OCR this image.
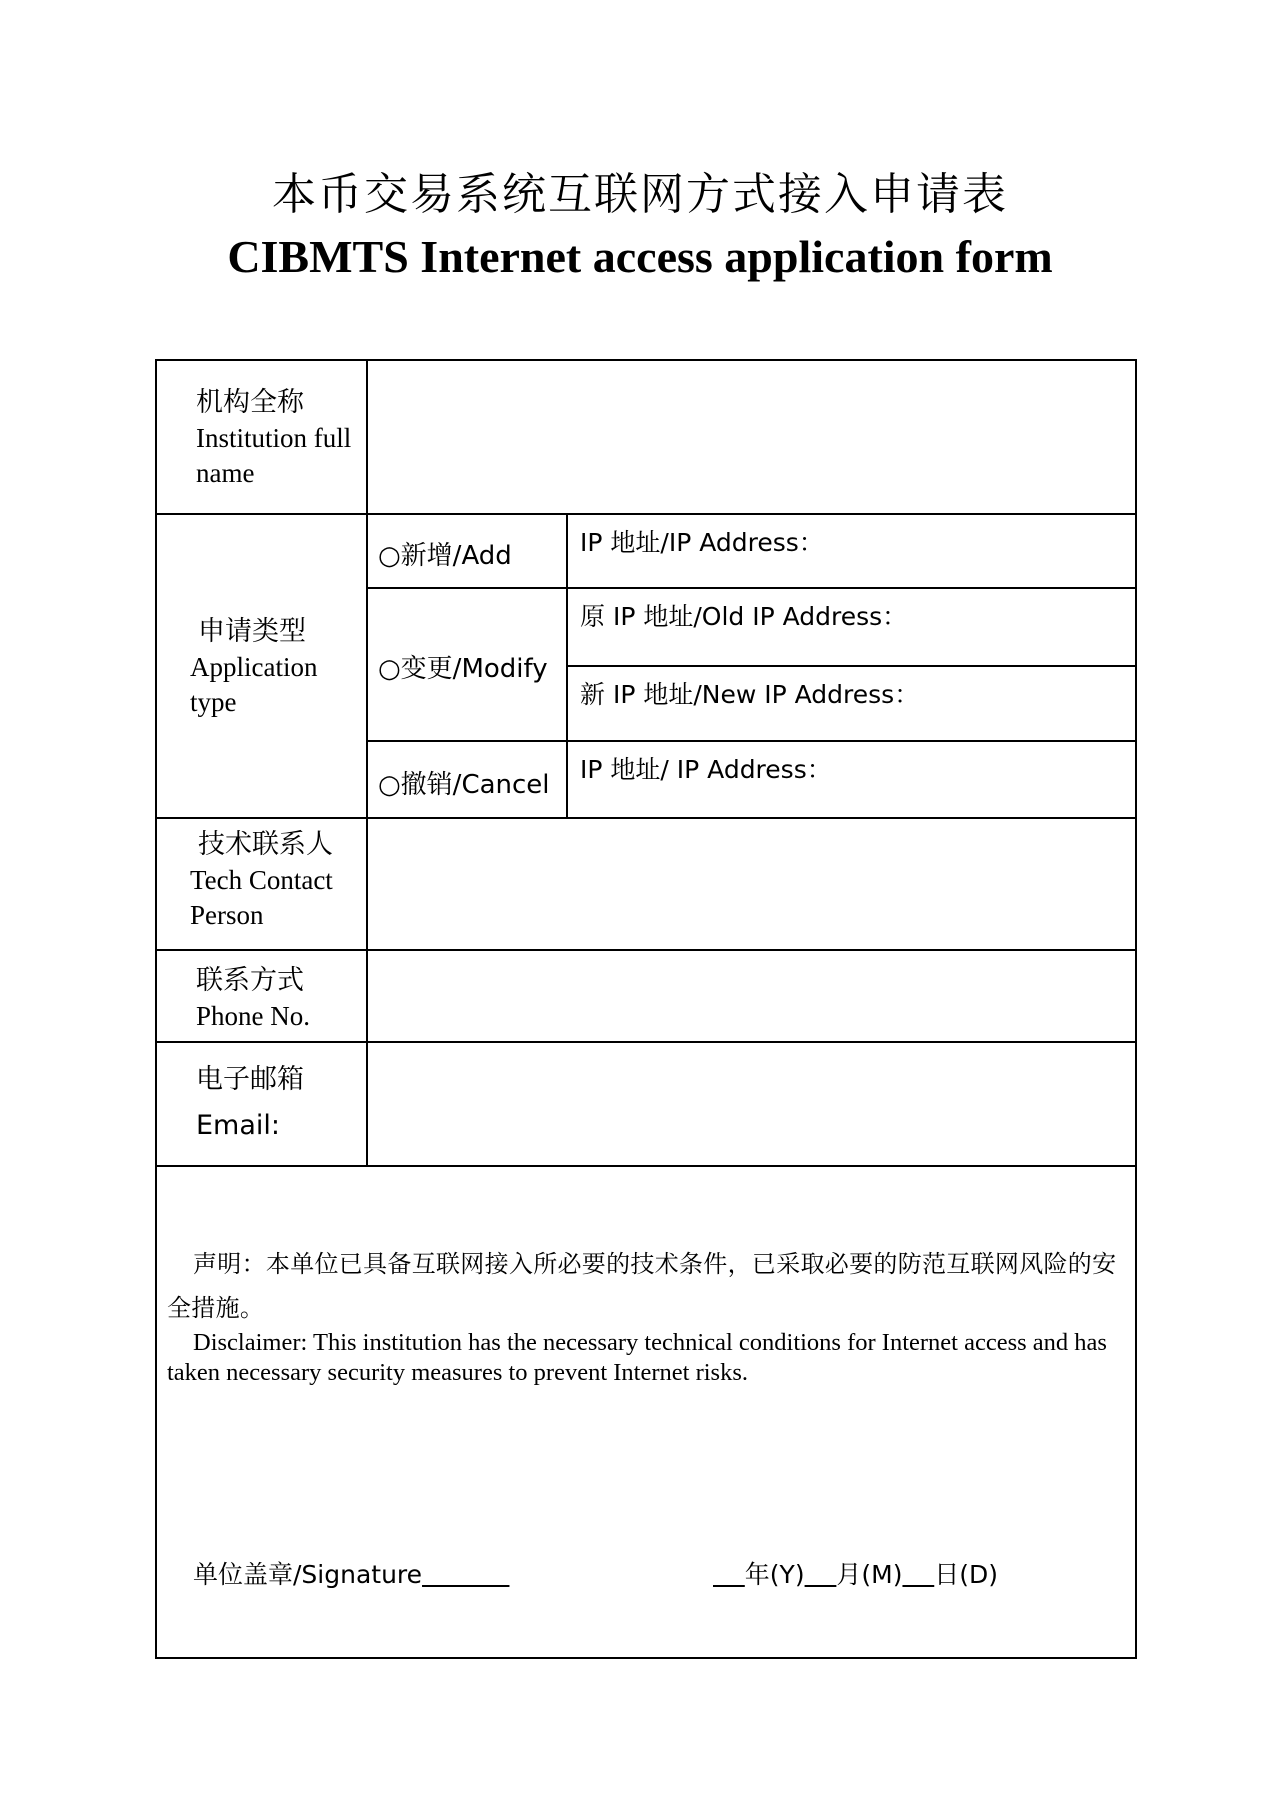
本币交易系统互联网方式接入申请表
CIBMTS Internet access application form
机构全称
Institution full name
申请类型
Application type
○新增/Add
○变更/Modify
○撤销/Cancel
IP 地址/IP Address：
原 IP 地址/Old IP Address：
新 IP 地址/New IP Address：
IP 地址/ IP Address：
技术联系人
Tech Contact Person
联系方式
Phone No.
电子邮箱
Email:
声明：本单位已具备互联网接入所必要的技术条件，已采取必要的防范互联网风险的安全措施。
Disclaimer: This institution has the necessary technical conditions for Internet access and has taken necessary security measures to prevent Internet risks.
单位盖章/Signature	年(Y) 月(M) 日(D)
